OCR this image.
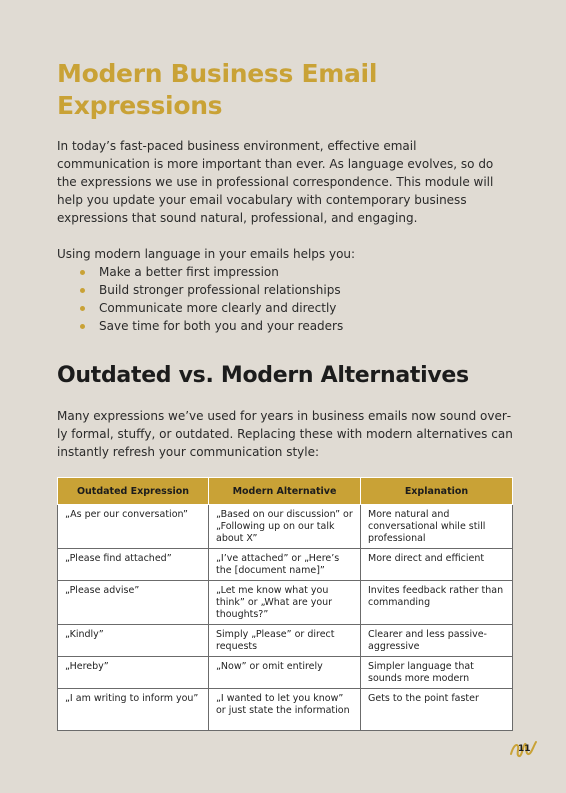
Modern Business Email Expressions

In today’s fast-paced business environment, effective email communication is more important than ever. As language evolves, so do the expressions we use in professional correspondence. This module will help you update your email vocabulary with contemporary business expressions that sound natural, professional, and engaging.

Using modern language in your emails helps you:

Make a better first impression
Build stronger professional relationships
Communicate more clearly and directly
Save time for both you and your readers
Outdated vs. Modern Alternatives

Many expressions we’ve used for years in business emails now sound overly formal, stuffy, or outdated. Replacing these with modern alternatives can instantly refresh your communication style:

Outdated Expression	Modern Alternative	Explanation
„As per our conversation”	„Based on our discussion” or „Following up on our talk about X”	More natural and conversational while still professional
„Please find attached”	„I’ve attached” or „Here’s the [document name]”	More direct and efficient
„Please advise”	„Let me know what you think” or „What are your thoughts?”	Invites feedback rather than commanding
„Kindly”	Simply „Please” or direct requests	Clearer and less passive-aggressive
„Hereby”	„Now” or omit entirely	Simpler language that sounds more modern
„I am writing to inform you”	„I wanted to let you know” or just state the information	Gets to the point faster
11
